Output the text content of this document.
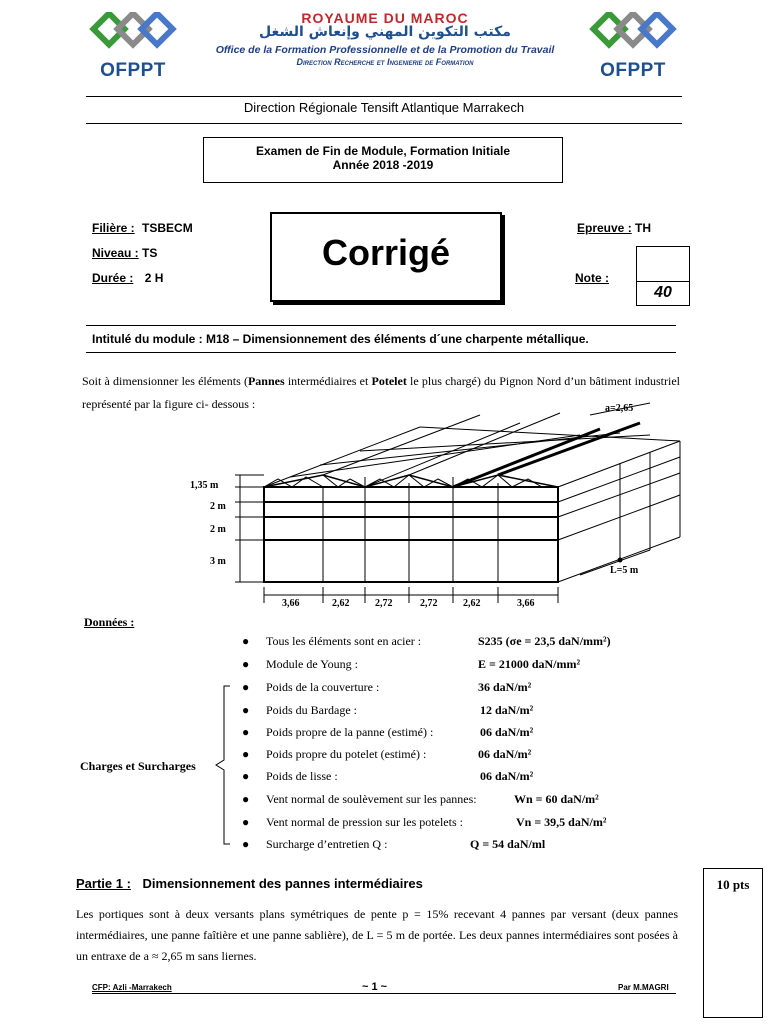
OFPPT	OFPPT
ROYAUME DU MAROC
مكتب التكوين المهني وإنعاش الشغل
Office de la Formation Professionnelle et de la Promotion du Travail
Direction Recherche et Ingenierie de Formation
Direction Régionale Tensift Atlantique Marrakech
Examen de Fin de Module, Formation Initiale
Année 2018 -2019
Filière : TSBECM
Niveau : TS
Durée : 2 H
Corrigé
Epreuve : TH
Note :
40
Intitulé du module : M18 – Dimensionnement des éléments d´une charpente métallique.
Soit à dimensionner les éléments (Pannes intermédiaires et Potelet le plus chargé) du Pignon Nord d’un bâtiment industriel représenté par la figure ci- dessous :
1,35 m
2 m
2 m
3 m
3,66	2,62	2,72	2,72	2,62	3,66
L=5 m
a=2,65
Données :
Charges et Surcharges
● Tous les éléments sont en acier :	S235 (σe = 23,5 daN/mm²)
● Module de Young :	E = 21000 daN/mm²
● Poids de la couverture :	36 daN/m²
● Poids du Bardage :	12 daN/m²
● Poids propre de la panne (estimé) :	06 daN/m²
● Poids propre du potelet (estimé) :	06 daN/m²
● Poids de lisse :	06 daN/m²
● Vent normal de soulèvement sur les pannes:	Wn = 60 daN/m²
● Vent normal de pression sur les potelets :	Vn = 39,5 daN/m²
● Surcharge d’entretien Q :	Q = 54 daN/ml
Partie 1 : Dimensionnement des pannes intermédiaires	10 pts
Les portiques sont à deux versants plans symétriques de pente p = 15% recevant 4 pannes par versant (deux pannes intermédiaires, une panne faîtière et une panne sablière), de L = 5 m de portée. Les deux pannes intermédiaires sont posées à un entraxe de a ≈ 2,65 m sans liernes.
CFP: Azli -Marrakech	~ 1 ~	Par M.MAGRI
